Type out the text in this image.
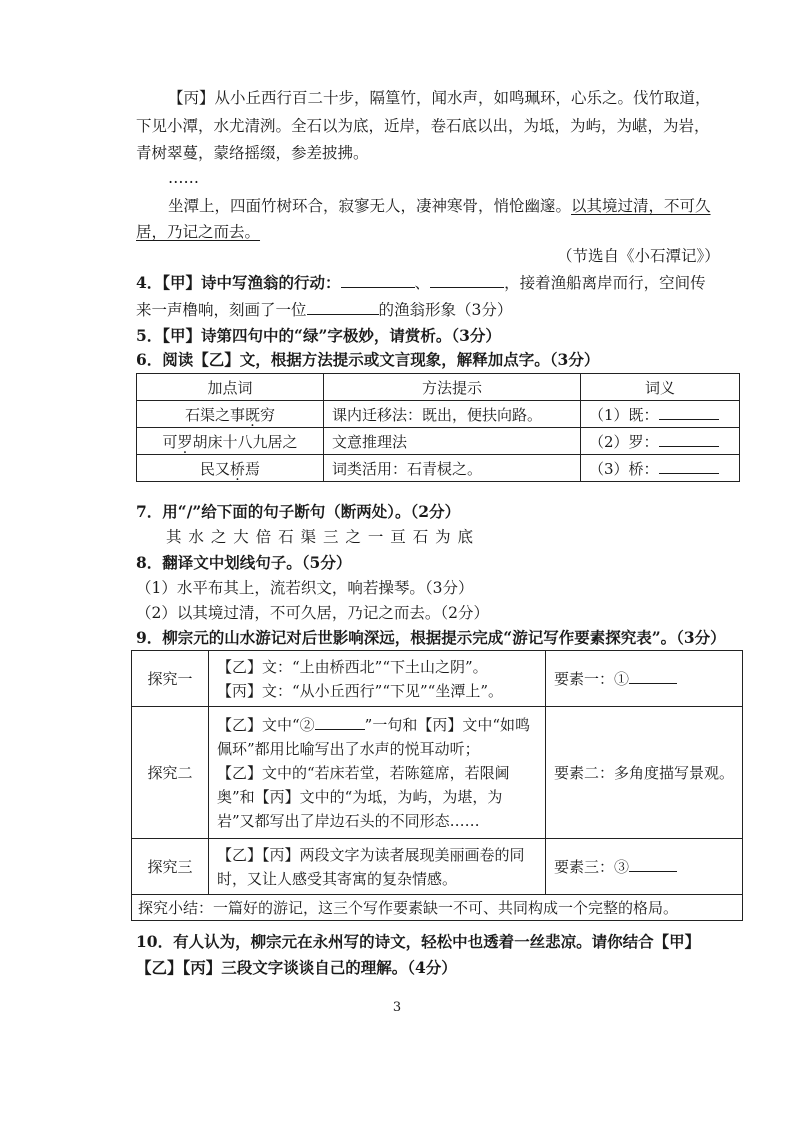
【丙】从小丘西行百二十步，隔篁竹，闻水声，如鸣珮环，心乐之。伐竹取道，
下见小潭，水尤清洌。全石以为底，近岸，卷石底以出，为坻，为屿，为嵁，为岩，
青树翠蔓，蒙络摇缀，参差披拂。
……
坐潭上，四面竹树环合，寂寥无人，凄神寒骨，悄怆幽邃。以其境过清，不可久
居，乃记之而去。
（节选自《小石潭记》）
4．【甲】诗中写渔翁的行动：	、	，接着渔船离岸而行，空间传
来一声橹响，刻画了一位	的渔翁形象（3分）
5．【甲】诗第四句中的“绿”字极妙，请赏析。（3分）
6．阅读【乙】文，根据方法提示或文言现象，解释加点字。（3分）
加点词	方法提示	词义
石渠之事既穷	课内迁移法：既出，便扶向路。	（1）既：
可罗胡床十八九居之	文意推理法	（2）罗：
民又桥焉	词类活用：石青棂之。	（3）桥：
7．用“/”给下面的句子断句（断两处）。（2分）
其 水 之 大 倍 石 渠 三 之 一 亘 石 为 底
8．翻译文中划线句子。（5分）
（1）水平布其上，流若织文，响若操琴。（3分）
（2）以其境过清，不可久居，乃记之而去。（2分）
9．柳宗元的山水游记对后世影响深远，根据提示完成“游记写作要素探究表”。（3分）
探究一	【乙】文：“上由桥西北”“下土山之阴”。
【丙】文：“从小丘西行”“下见”“坐潭上”。	要素一：①
探究二	【乙】文中“② ”一句和【丙】文中“如鸣佩环”都用比喻写出了水声的悦耳动听；
【乙】文中的“若床若堂，若陈筵席，若限阃奥”和【丙】文中的“为坻，为屿，为堪，为岩”又都写出了岸边石头的不同形态……	要素二：多角度描写景观。
探究三	【乙】【丙】两段文字为读者展现美丽画卷的同时，又让人感受其寄寓的复杂情感。	要素三：③
探究小结：一篇好的游记，这三个写作要素缺一不可、共同构成一个完整的格局。		
10．有人认为，柳宗元在永州写的诗文，轻松中也透着一丝悲凉。请你结合【甲】
【乙】【丙】三段文字谈谈自己的理解。（4分）
3
